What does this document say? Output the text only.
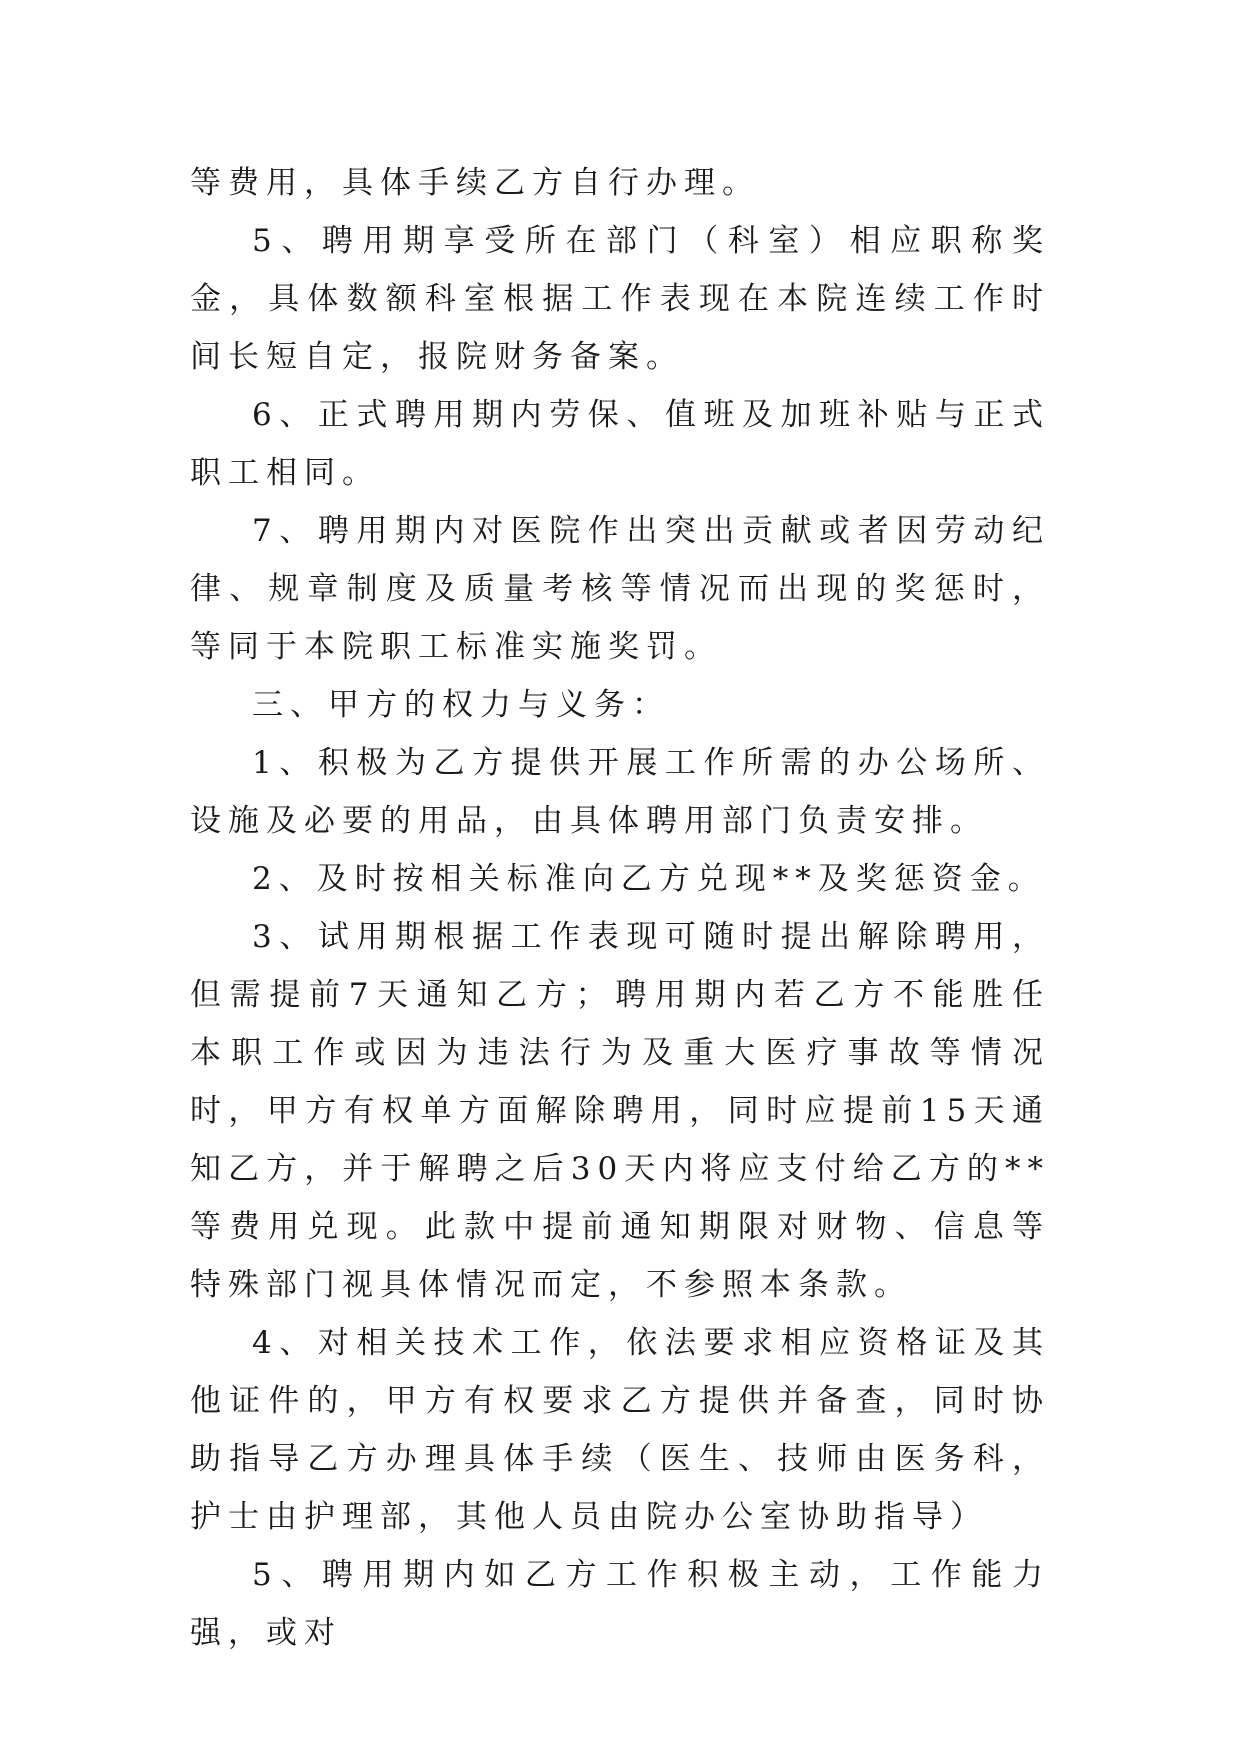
等费用，具体手续乙方自行办理。

5、聘用期享受所在部门（科室）相应职称奖金，具体数额科室根据工作表现在本院连续工作时间长短自定，报院财务备案。

6、正式聘用期内劳保、值班及加班补贴与正式职工相同。

7、聘用期内对医院作出突出贡献或者因劳动纪律、规章制度及质量考核等情况而出现的奖惩时，等同于本院职工标准实施奖罚。

三、甲方的权力与义务：

1、积极为乙方提供开展工作所需的办公场所、设施及必要的用品，由具体聘用部门负责安排。

2、及时按相关标准向乙方兑现**及奖惩资金。

3、试用期根据工作表现可随时提出解除聘用，但需提前7天通知乙方；聘用期内若乙方不能胜任本职工作或因为违法行为及重大医疗事故等情况时，甲方有权单方面解除聘用，同时应提前15天通知乙方，并于解聘之后30天内将应支付给乙方的**等费用兑现。此款中提前通知期限对财物、信息等特殊部门视具体情况而定，不参照本条款。

4、对相关技术工作，依法要求相应资格证及其他证件的，甲方有权要求乙方提供并备查，同时协助指导乙方办理具体手续（医生、技师由医务科，护士由护理部，其他人员由院办公室协助指导）

5、聘用期内如乙方工作积极主动，工作能力强，或对
